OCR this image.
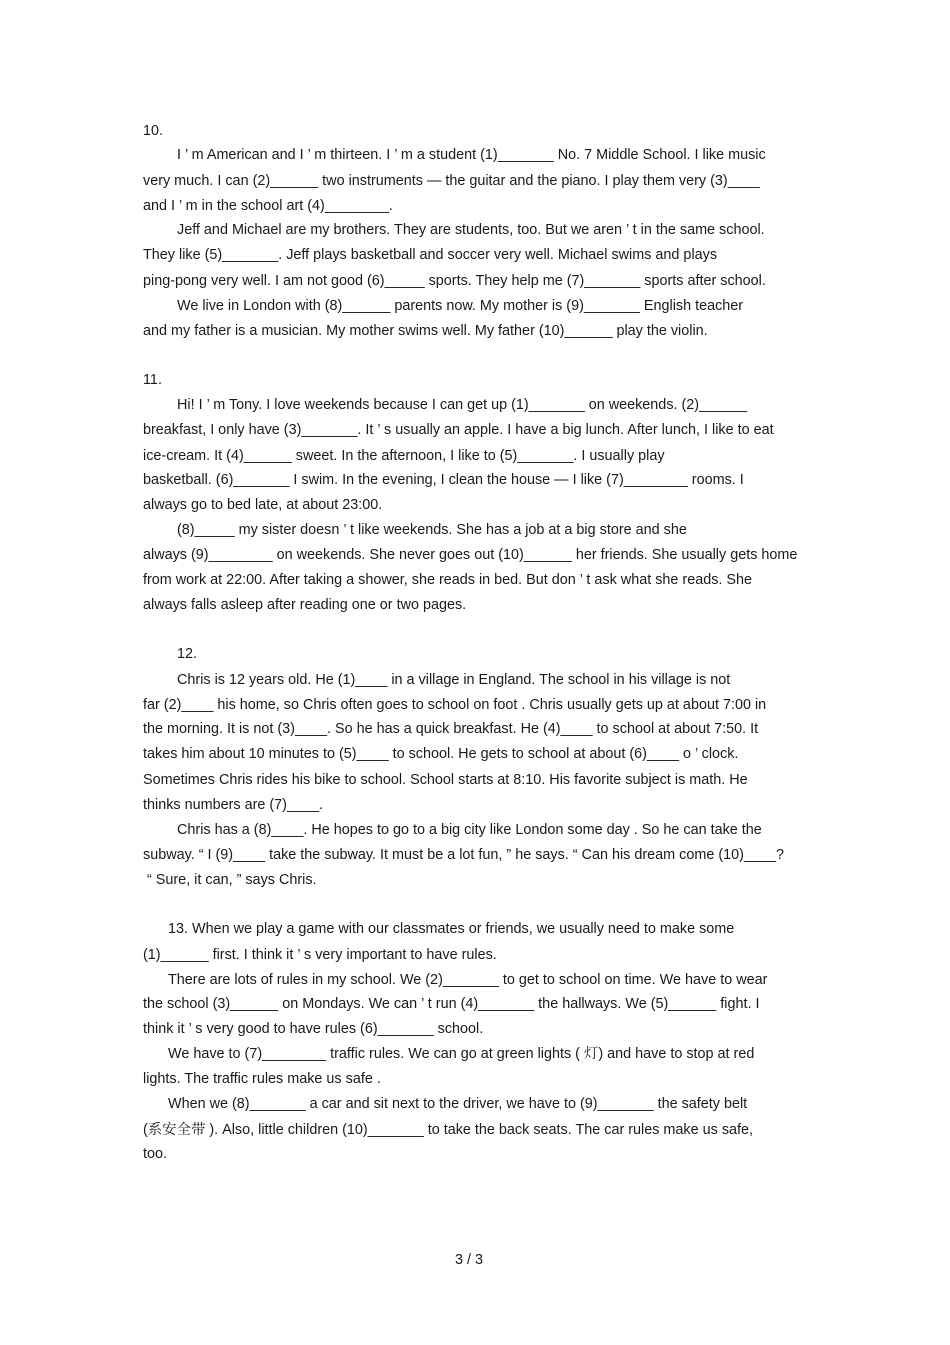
10.

I ’ m American and I ’ m thirteen. I ’ m a student (1)_______ No. 7 Middle School. I like music

very much. I can (2)______ two instruments — the guitar and the piano. I play them very (3)____

and I ’ m in the school art (4)________.

Jeff and Michael are my brothers. They are students, too. But we aren ’ t in the same school.

They like (5)_______. Jeff plays basketball and soccer very well. Michael swims and plays

ping-pong very well. I am not good (6)_____ sports. They help me (7)_______ sports after school.

We live in London with (8)______ parents now. My mother is (9)_______ English teacher

and my father is a musician. My mother swims well. My father (10)______ play the violin.

11.

Hi! I ’ m Tony. I love weekends because I can get up (1)_______ on weekends. (2)______

breakfast, I only have (3)_______. It ’ s usually an apple. I have a big lunch. After lunch, I like to eat

ice-cream. It (4)______ sweet. In the afternoon, I like to (5)_______. I usually play

basketball. (6)_______ I swim. In the evening, I clean the house — I like (7)________ rooms. I

always go to bed late, at about 23:00.

(8)_____ my sister doesn ’ t like weekends. She has a job at a big store and she

always (9)________ on weekends. She never goes out (10)______ her friends. She usually gets home

from work at 22:00. After taking a shower, she reads in bed. But don ’ t ask what she reads. She

always falls asleep after reading one or two pages.

12.

Chris is 12 years old. He (1)____ in a village in England. The school in his village is not

far (2)____ his home, so Chris often goes to school on foot . Chris usually gets up at about 7:00 in

the morning. It is not (3)____. So he has a quick breakfast. He (4)____ to school at about 7:50. It

takes him about 10 minutes to (5)____ to school. He gets to school at about (6)____ o ’ clock.

Sometimes Chris rides his bike to school. School starts at 8:10. His favorite subject is math. He

thinks numbers are (7)____.

Chris has a (8)____. He hopes to go to a big city like London some day . So he can take the

subway. “ I (9)____ take the subway. It must be a lot fun, ” he says. “ Can his dream come (10)____?

“ Sure, it can, ” says Chris.

13. When we play a game with our classmates or friends, we usually need to make some

(1)______ first. I think it ’ s very important to have rules.

There are lots of rules in my school. We (2)_______ to get to school on time. We have to wear

the school (3)______ on Mondays. We can ’ t run (4)_______ the hallways. We (5)______ fight. I

think it ’ s very good to have rules (6)_______ school.

We have to (7)________ traffic rules. We can go at green lights ( 灯) and have to stop at red

lights. The traffic rules make us safe .

When we (8)_______ a car and sit next to the driver, we have to (9)_______ the safety belt

(系安全带 ). Also, little children (10)_______ to take the back seats. The car rules make us safe,

too.

3 / 3
